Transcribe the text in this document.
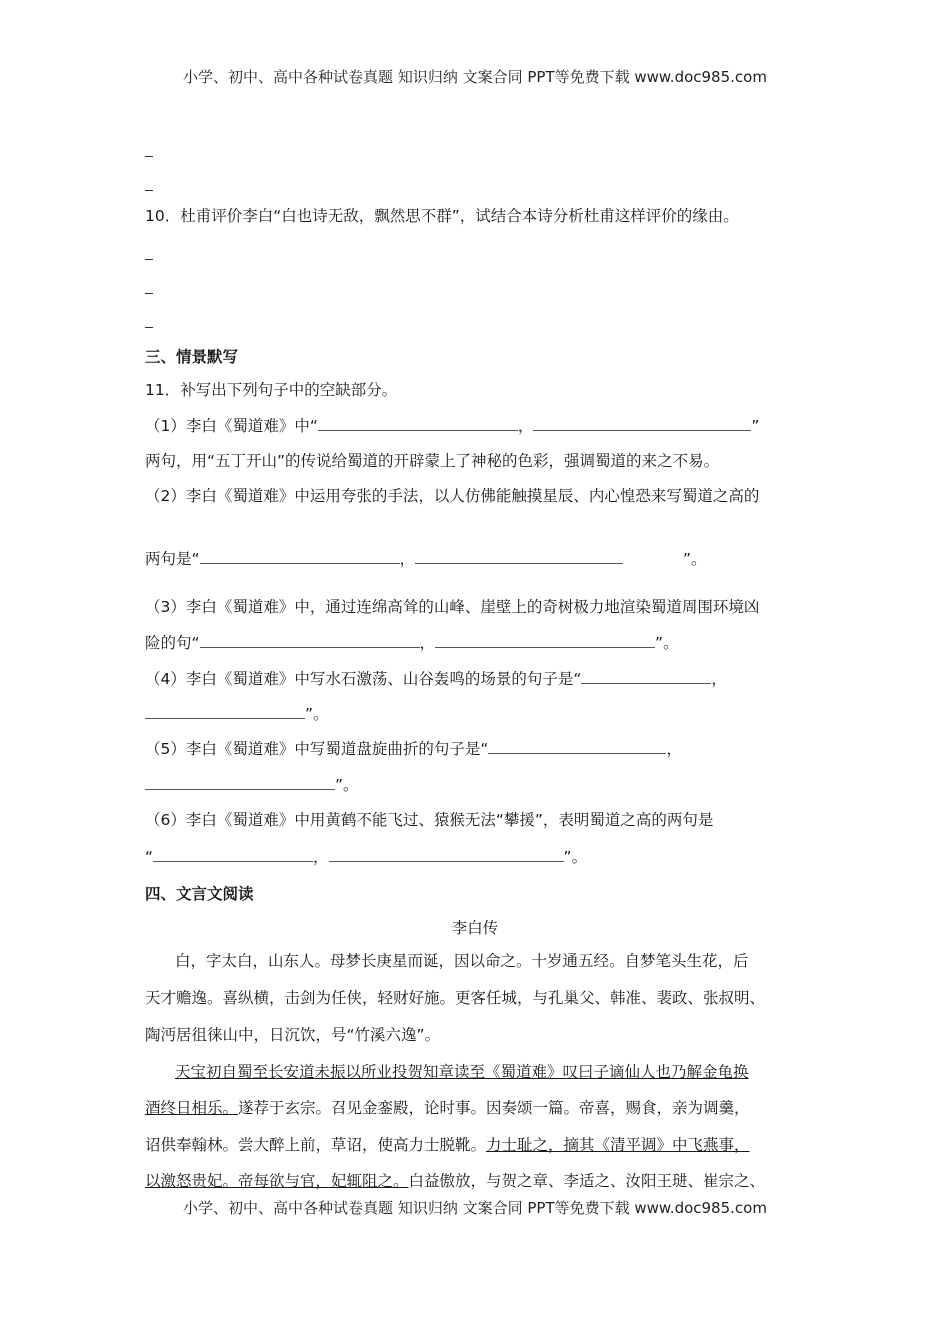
小学、初中、高中各种试卷真题 知识归纳 文案合同 PPT等免费下载 www.doc985.com
10．杜甫评价李白“白也诗无敌，飘然思不群”，试结合本诗分析杜甫这样评价的缘由。
三、情景默写
11．补写出下列句子中的空缺部分。
（1）李白《蜀道难》中“	，	”
两句，用“五丁开山”的传说给蜀道的开辟蒙上了神秘的色彩，强调蜀道的来之不易。
（2）李白《蜀道难》中运用夸张的手法，以人仿佛能触摸星辰、内心惶恐来写蜀道之高的
两句是“	，	”。
（3）李白《蜀道难》中，通过连绵高耸的山峰、崖壁上的奇树极力地渲染蜀道周围环境凶
险的句“	，	”。
（4）李白《蜀道难》中写水石激荡、山谷轰鸣的场景的句子是“	，
”。
（5）李白《蜀道难》中写蜀道盘旋曲折的句子是“	，
”。
（6）李白《蜀道难》中用黄鹤不能飞过、猿猴无法“攀援”，表明蜀道之高的两句是
“	，	”。
四、文言文阅读
李白传
白，字太白，山东人。母梦长庚星而诞，因以命之。十岁通五经。自梦笔头生花，后
天才赡逸。喜纵横，击剑为任侠，轻财好施。更客任城，与孔巢父、韩准、裴政、张叔明、
陶沔居徂徕山中，日沉饮，号“竹溪六逸”。
天宝初自蜀至长安道未振以所业投贺知章读至《蜀道难》叹曰子谪仙人也乃解金龟换
酒终日相乐。遂荐于玄宗。召见金銮殿，论时事。因奏颂一篇。帝喜，赐食，亲为调羹，
诏供奉翰林。尝大醉上前，草诏，使高力士脱靴。力士耻之，摘其《清平调》中飞燕事，
以激怒贵妃。帝每欲与官，妃辄阻之。白益傲放，与贺之章、李适之、汝阳王琎、崔宗之、
小学、初中、高中各种试卷真题 知识归纳 文案合同 PPT等免费下载 www.doc985.com
